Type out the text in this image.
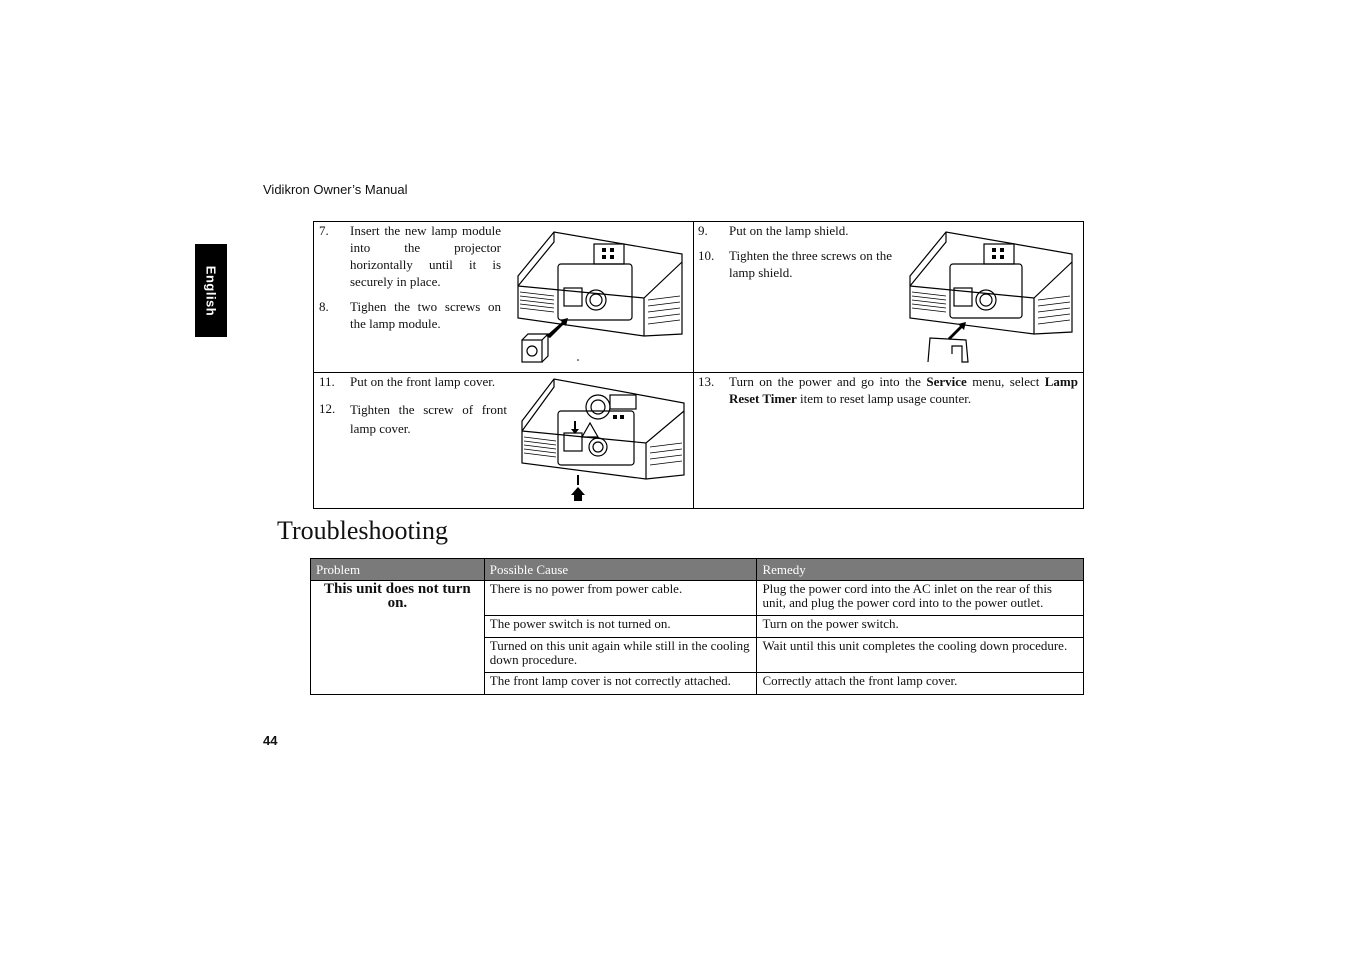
Vidikron Owner’s Manual
English
7. Insert the new lamp module into the projector horizontally until it is securely in place.
8. Tighen the two screws on the lamp module.
9. Put on the lamp shield.
10. Tighten the three screws on the lamp shield.
11. Put on the front lamp cover.
12. Tighten the screw of front lamp cover.
13. Turn on the power and go into the Service menu, select Lamp Reset Timer item to reset lamp usage counter.
Troubleshooting
Problem	Possible Cause	Remedy
This unit does not turn on.	There is no power from power cable.	Plug the power cord into the AC inlet on the rear of this unit, and plug the power cord into to the power outlet.
	The power switch is not turned on.	Turn on the power switch.
	Turned on this unit again while still in the cooling down procedure.	Wait until this unit completes the cooling down procedure.
	The front lamp cover is not correctly attached.	Correctly attach the front lamp cover.
44
